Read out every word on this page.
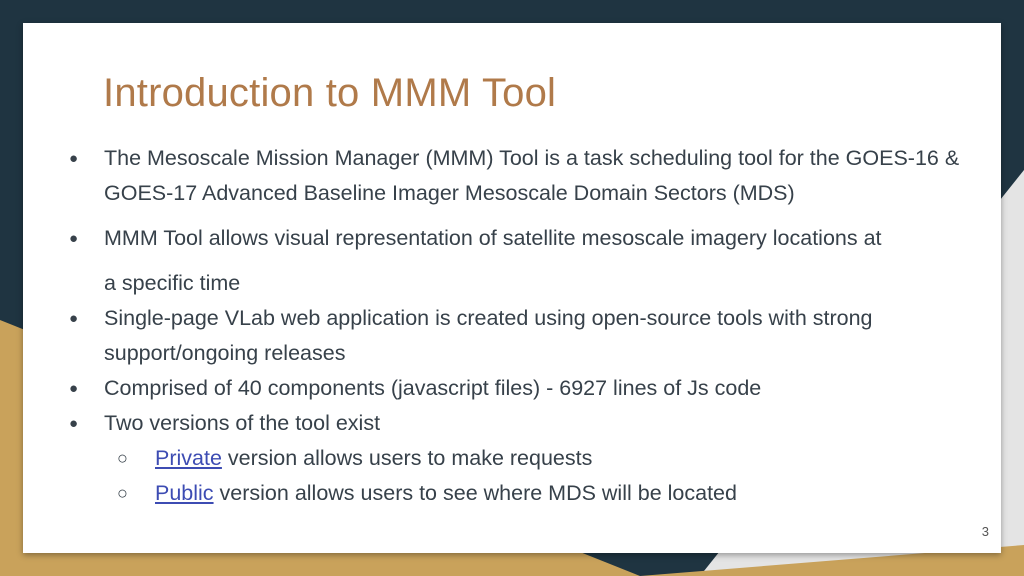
Introduction to MMM Tool
● The Mesoscale Mission Manager (MMM) Tool is a task scheduling tool for the GOES-16 & GOES-17 Advanced Baseline Imager Mesoscale Domain Sectors (MDS)
● MMM Tool allows visual representation of satellite mesoscale imagery locations at
a specific time
● Single-page VLab web application is created using open-source tools with strong support/ongoing releases
● Comprised of 40 components (javascript files) - 6927 lines of Js code
● Two versions of the tool exist
○ Private version allows users to make requests
○ Public version allows users to see where MDS will be located
3
